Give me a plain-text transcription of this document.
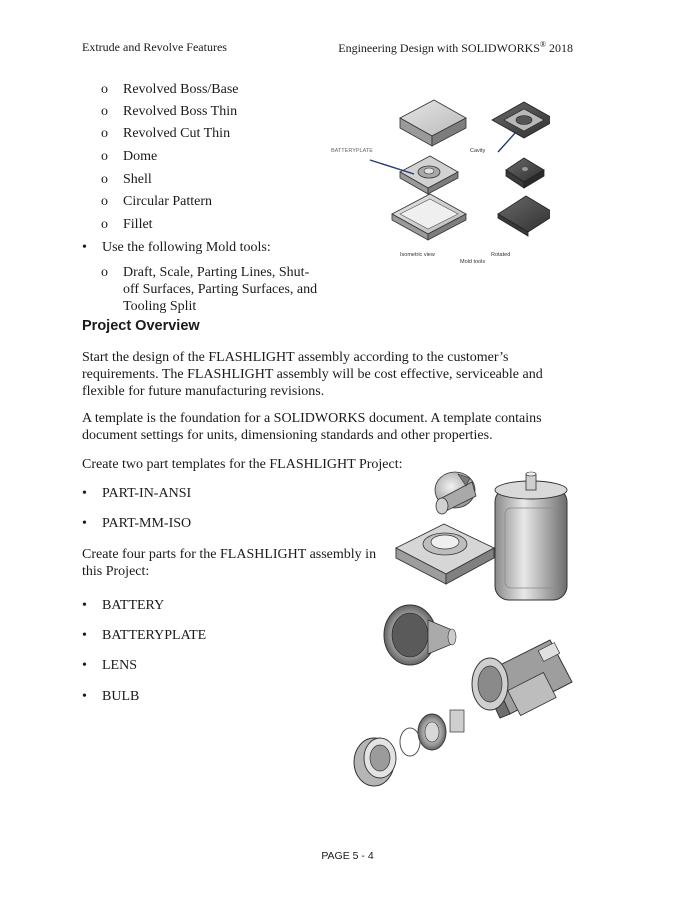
Extrude and Revolve Features	Engineering Design with SOLIDWORKS® 2018
o Revolved Boss/Base
o Revolved Boss Thin
o Revolved Cut Thin
o Dome
o Shell
o Circular Pattern
o Fillet
• Use the following Mold tools:
o Draft, Scale, Parting Lines, Shut-
off Surfaces, Parting Surfaces, and
Tooling Split
BATTERYPLATE	Cavity
Isometric view	Rotated
Mold tools
Project Overview
Start the design of the FLASHLIGHT assembly according to the customer’s
requirements. The FLASHLIGHT assembly will be cost effective, serviceable and
flexible for future manufacturing revisions.
A template is the foundation for a SOLIDWORKS document. A template contains
document settings for units, dimensioning standards and other properties.
Create two part templates for the FLASHLIGHT Project:
• PART-IN-ANSI
• PART-MM-ISO
Create four parts for the FLASHLIGHT assembly in
this Project:
• BATTERY
• BATTERYPLATE
• LENS
• BULB
PAGE 5 - 4
